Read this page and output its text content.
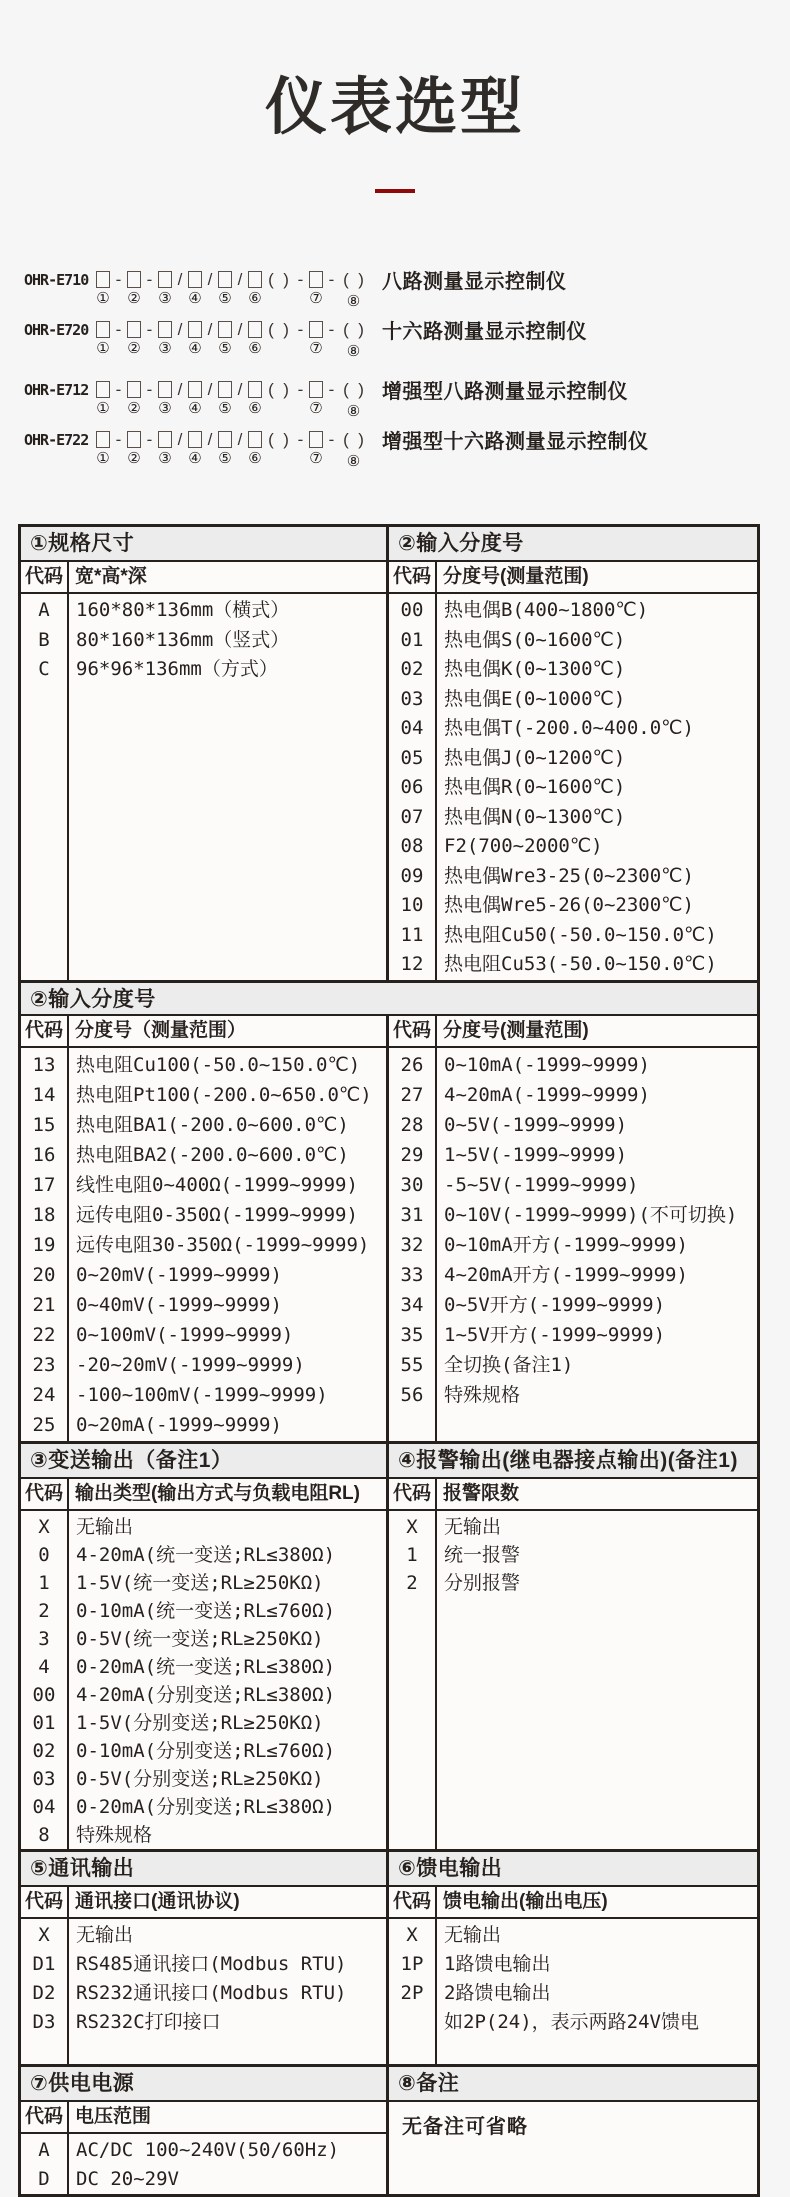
仪表选型
OHR-E710
①
-

②
-

③
/

④
/

⑤
/

⑥
(  )
-

⑦
-
(  )
⑧
八路测量显示控制仪
OHR-E720
①
-

②
-

③
/

④
/

⑤
/

⑥
(  )
-

⑦
-
(  )
⑧
十六路测量显示控制仪
OHR-E712
①
-

②
-

③
/

④
/

⑤
/

⑥
(  )
-

⑦
-
(  )
⑧
增强型八路测量显示控制仪
OHR-E722
①
-

②
-

③
/

④
/

⑤
/

⑥
(  )
-

⑦
-
(  )
⑧
增强型十六路测量显示控制仪
①规格尺寸
代码 宽*高*深
A
B
C
160*80*136mm（横式）
80*160*136mm（竖式）
96*96*136mm（方式）
②输入分度号
代码 分度号(测量范围)
00
01
02
03
04
05
06
07
08
09
10
11
12
热电偶B(400~1800℃)
热电偶S(0~1600℃)
热电偶K(0~1300℃)
热电偶E(0~1000℃)
热电偶T(-200.0~400.0℃)
热电偶J(0~1200℃)
热电偶R(0~1600℃)
热电偶N(0~1300℃)
F2(700~2000℃)
热电偶Wre3-25(0~2300℃)
热电偶Wre5-26(0~2300℃)
热电阻Cu50(-50.0~150.0℃)
热电阻Cu53(-50.0~150.0℃)
②输入分度号
代码 分度号（测量范围）
13
14
15
16
17
18
19
20
21
22
23
24
25
热电阻Cu100(-50.0~150.0℃)
热电阻Pt100(-200.0~650.0℃)
热电阻BA1(-200.0~600.0℃)
热电阻BA2(-200.0~600.0℃)
线性电阻0~400Ω(-1999~9999)
远传电阻0-350Ω(-1999~9999)
远传电阻30-350Ω(-1999~9999)
0~20mV(-1999~9999)
0~40mV(-1999~9999)
0~100mV(-1999~9999)
-20~20mV(-1999~9999)
-100~100mV(-1999~9999)
0~20mA(-1999~9999)
代码 分度号(测量范围)
26
27
28
29
30
31
32
33
34
35
55
56
0~10mA(-1999~9999)
4~20mA(-1999~9999)
0~5V(-1999~9999)
1~5V(-1999~9999)
-5~5V(-1999~9999)
0~10V(-1999~9999)(不可切换)
0~10mA开方(-1999~9999)
4~20mA开方(-1999~9999)
0~5V开方(-1999~9999)
1~5V开方(-1999~9999)
全切换(备注1)
特殊规格
③变送输出（备注1）
代码 输出类型(输出方式与负载电阻RL)
X
0
1
2
3
4
00
01
02
03
04
8
无输出
4-20mA(统一变送;RL≤380Ω)
1-5V(统一变送;RL≥250KΩ)
0-10mA(统一变送;RL≤760Ω)
0-5V(统一变送;RL≥250KΩ)
0-20mA(统一变送;RL≤380Ω)
4-20mA(分别变送;RL≤380Ω)
1-5V(分别变送;RL≥250KΩ)
0-10mA(分别变送;RL≤760Ω)
0-5V(分别变送;RL≥250KΩ)
0-20mA(分别变送;RL≤380Ω)
特殊规格
④报警输出(继电器接点输出)(备注1)
代码 报警限数
X
1
2
无输出
统一报警
分别报警
⑤通讯输出
代码 通讯接口(通讯协议)
X
D1
D2
D3
无输出
RS485通讯接口(Modbus RTU)
RS232通讯接口(Modbus RTU)
RS232C打印接口
⑥馈电输出
代码 馈电输出(输出电压)
X
1P
2P

无输出
1路馈电输出
2路馈电输出
如2P(24)，表示两路24V馈电
⑦供电电源
代码 电压范围
A
D
AC/DC 100~240V(50/60Hz)
DC 20~29V
⑧备注
无备注可省略
